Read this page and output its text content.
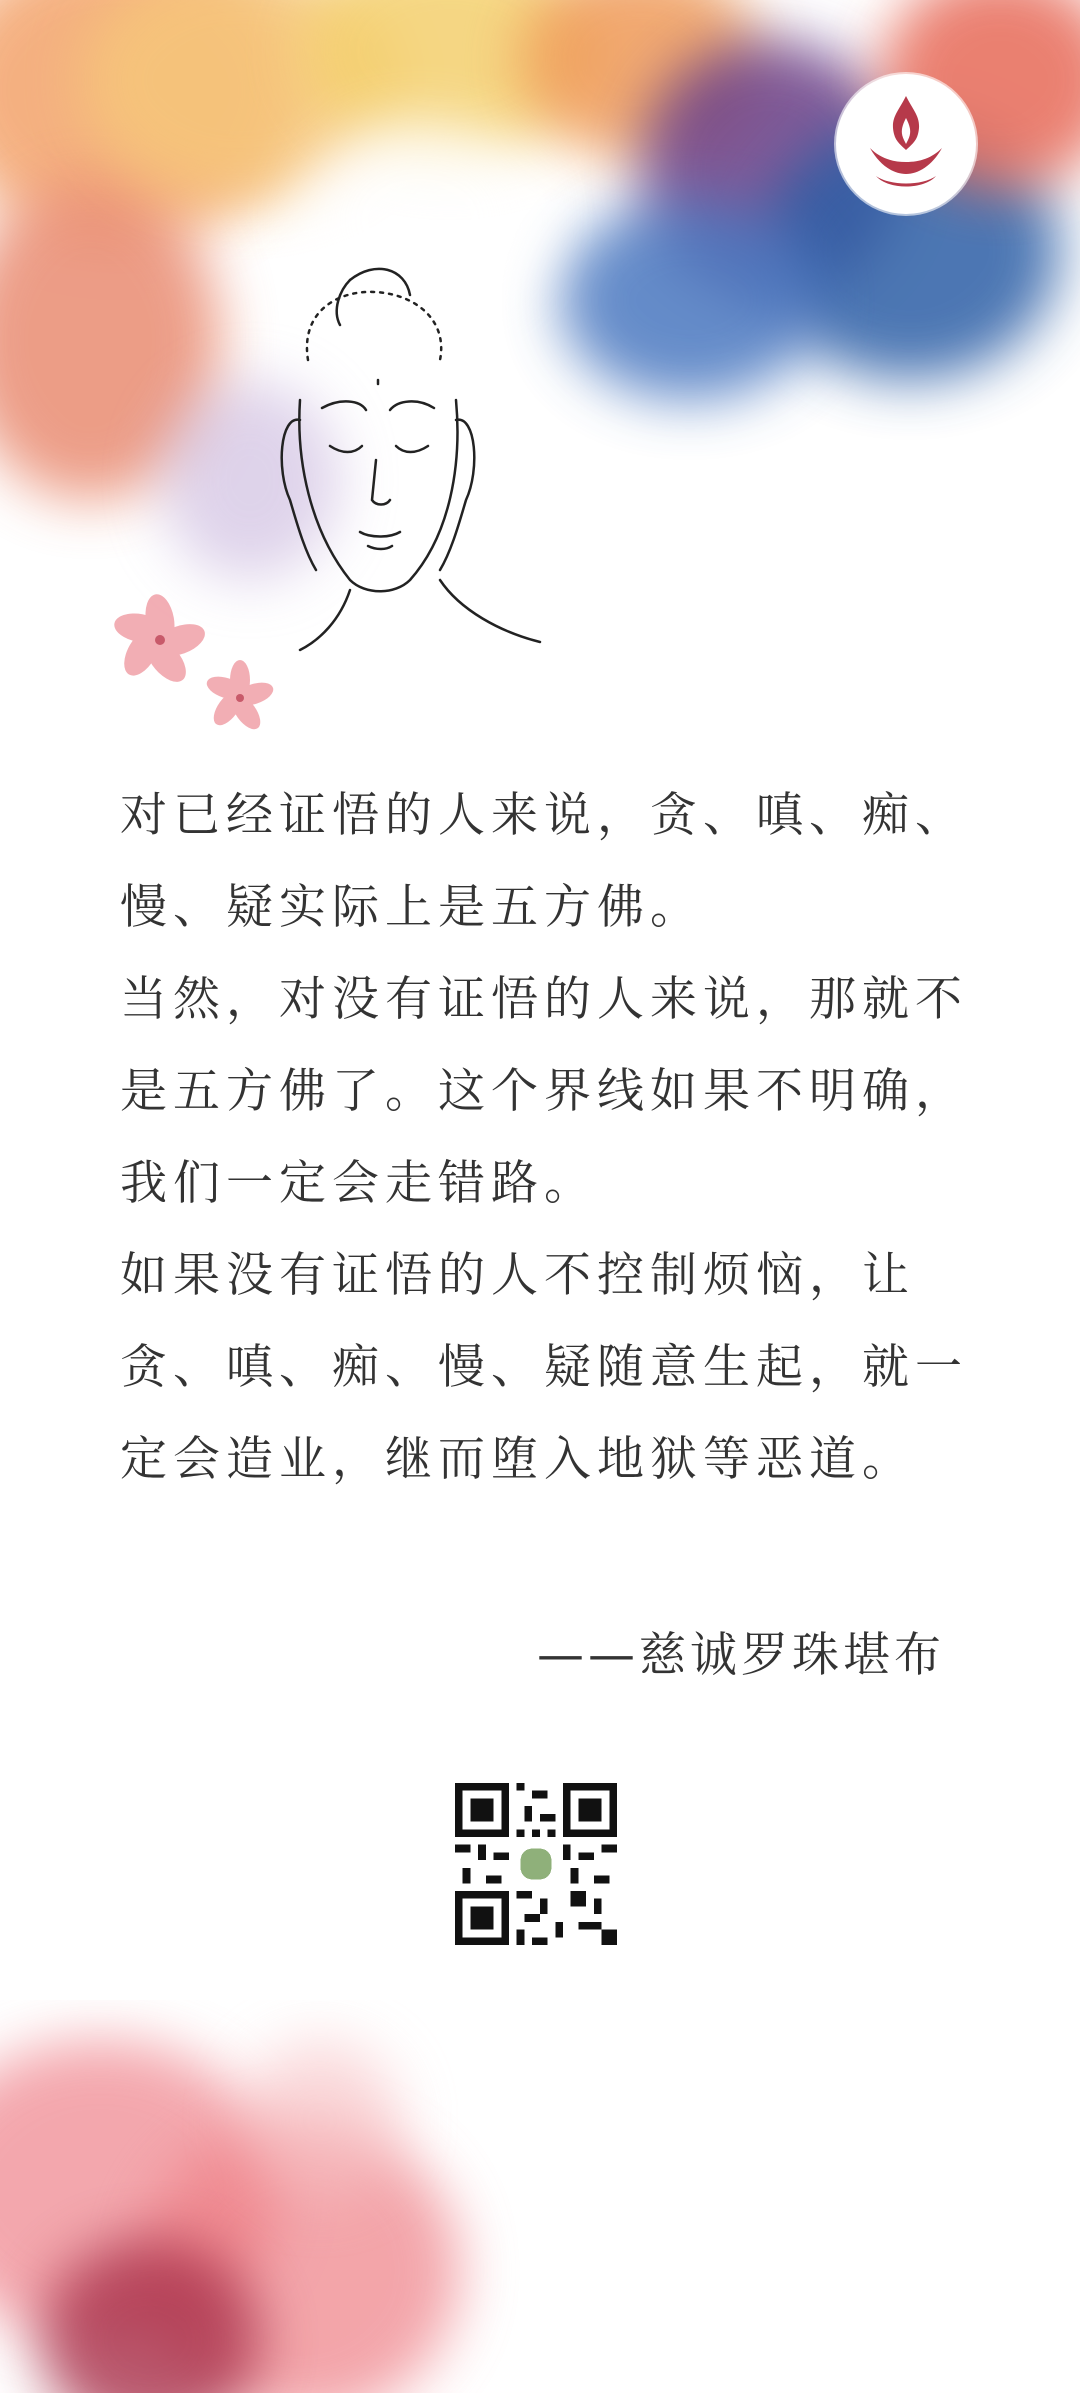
对已经证悟的人来说，贪、嗔、痴、慢、疑实际上是五方佛。

当然，对没有证悟的人来说，那就不是五方佛了。这个界线如果不明确，我们一定会走错路。

如果没有证悟的人不控制烦恼，让贪、嗔、痴、慢、疑随意生起，就一定会造业，继而堕入地狱等恶道。

——慈诚罗珠堪布
